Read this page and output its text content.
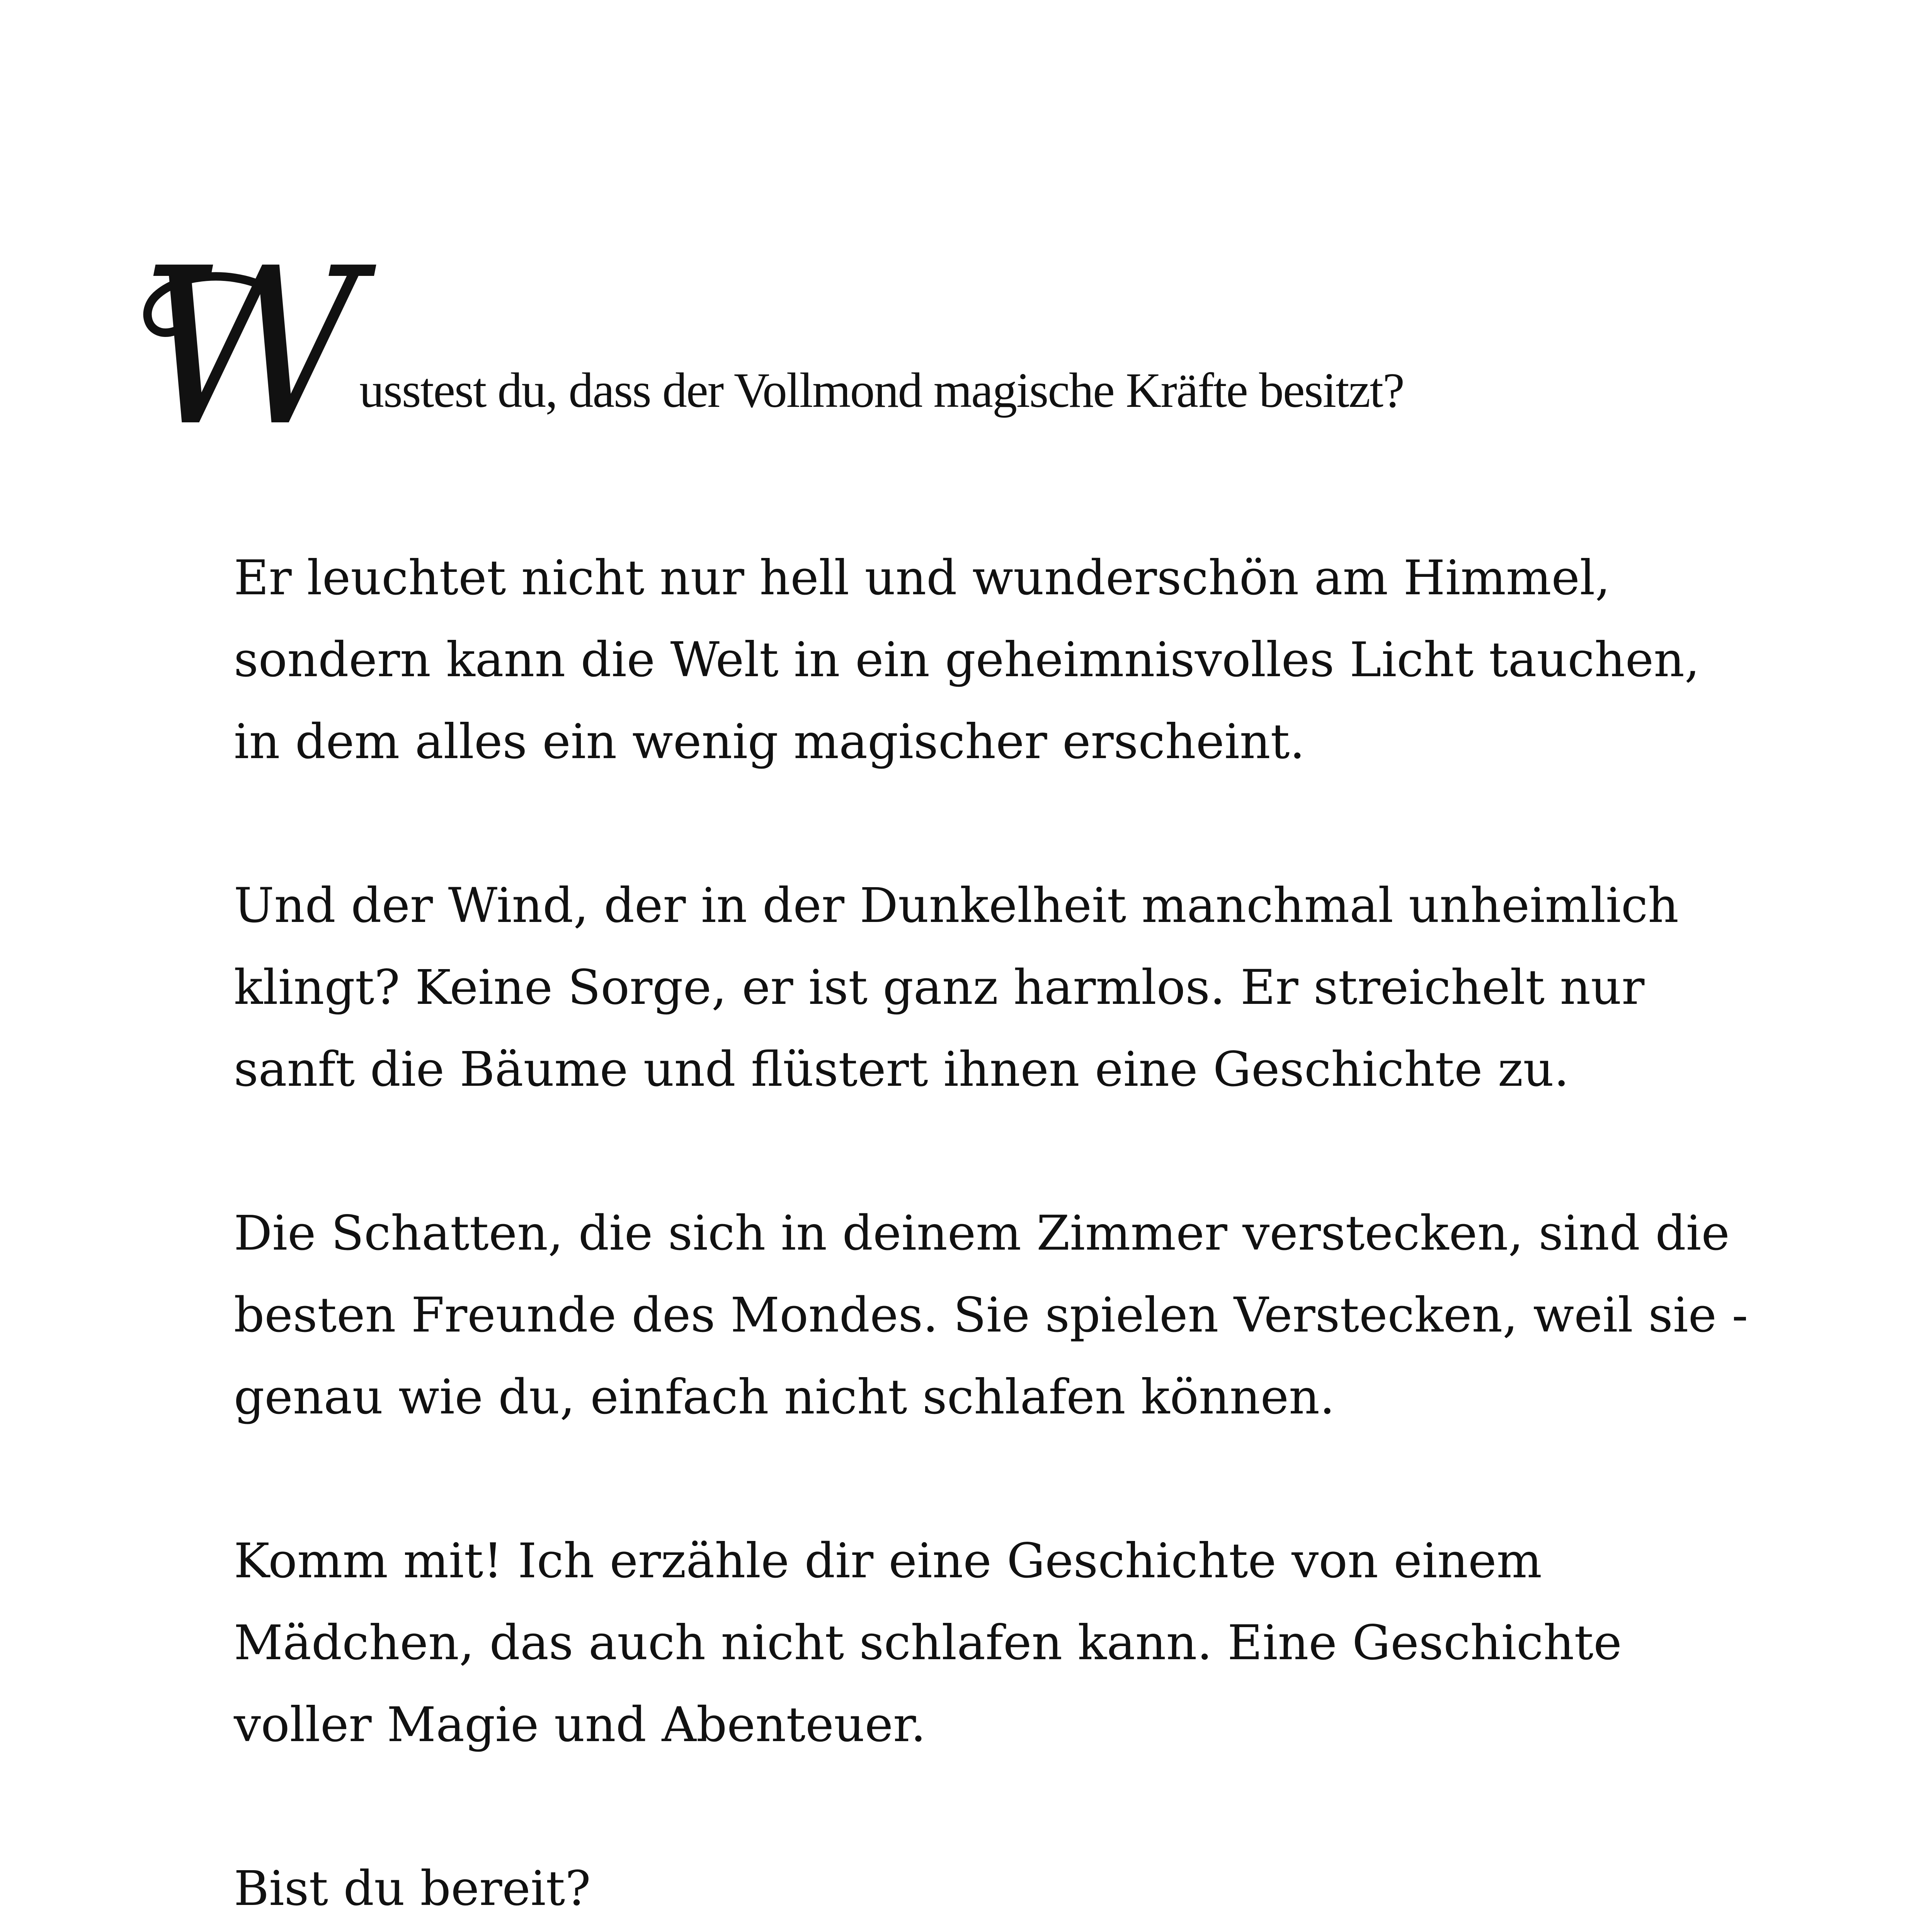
W usstest du, dass der Vollmond magische Kräfte besitzt?

Er leuchtet nicht nur hell und wunderschön am Himmel,
sondern kann die Welt in ein geheimnisvolles Licht tauchen,
in dem alles ein wenig magischer erscheint.

Und der Wind, der in der Dunkelheit manchmal unheimlich
klingt? Keine Sorge, er ist ganz harmlos. Er streichelt nur
sanft die Bäume und flüstert ihnen eine Geschichte zu.

Die Schatten, die sich in deinem Zimmer verstecken, sind die
besten Freunde des Mondes. Sie spielen Verstecken, weil sie -
genau wie du, einfach nicht schlafen können.

Komm mit! Ich erzähle dir eine Geschichte von einem
Mädchen, das auch nicht schlafen kann. Eine Geschichte
voller Magie und Abenteuer.

Bist du bereit?
